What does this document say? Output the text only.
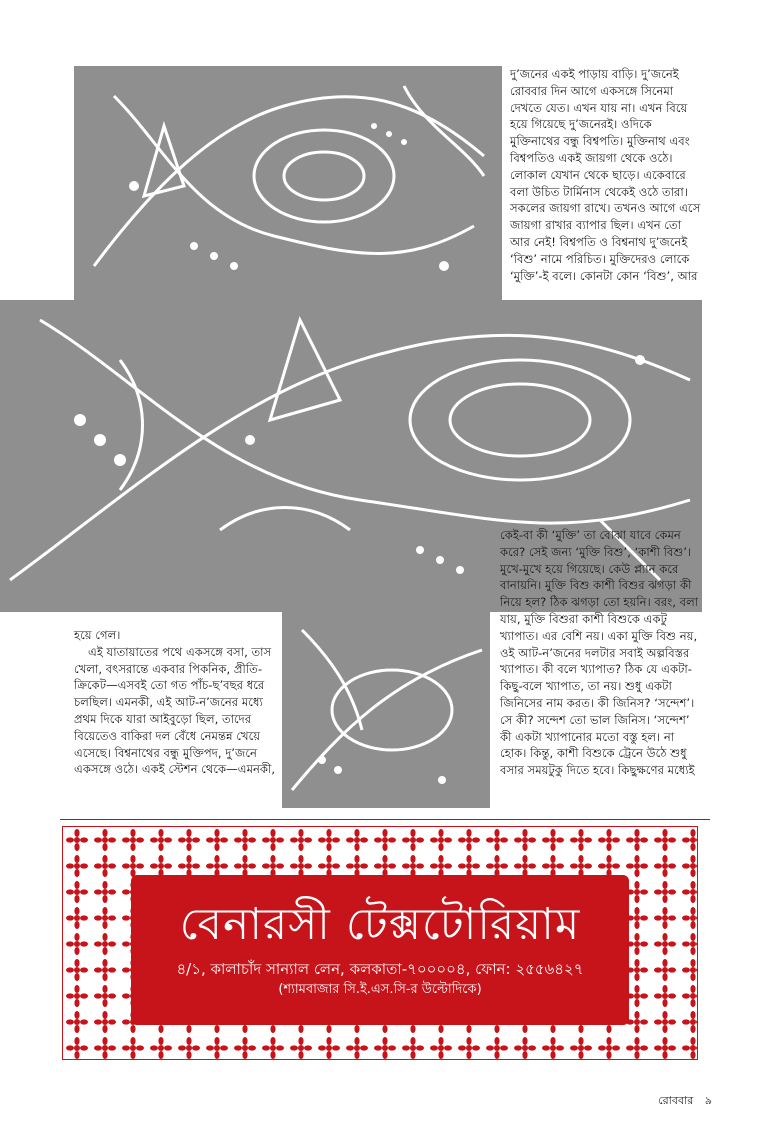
দু’জনের একই পাড়ায় বাড়ি। দু’জনেই রোববার দিন আগে একসঙ্গে সিনেমা দেখতে যেত। এখন যায় না। এখন বিয়ে হয়ে গিয়েছে দু’জনেরই। ওদিকে মুক্তিনাথের বন্ধু বিশ্বপতি। মুক্তিনাথ এবং বিশ্বপতিও একই জায়গা থেকে ওঠে। লোকাল যেখান থেকে ছাড়ে। একেবারে বলা উচিত টার্মিনাস থেকেই ওঠে তারা। সকলের জায়গা রাখে। তখনও আগে এসে জায়গা রাখার ব্যাপার ছিল। এখন তো আর নেই! বিশ্বপতি ও বিশ্বনাথ দু’জনেই ‘বিশু’ নামে পরিচিত। মুক্তিদেরও লোকে ‘মুক্তি’-ই বলে। কোনটা কোন ‘বিশু’, আর

কেই-বা কী ‘মুক্তি’ তা বোঝা যাবে কেমন করে? সেই জন্য ‘মুক্তি বিশু’, ‘কাশী বিশু’। মুখে-মুখে হয়ে গিয়েছে। কেউ প্ল্যান করে বানায়নি। মুক্তি বিশু কাশী বিশুর ঝগড়া কী নিয়ে হল? ঠিক ঝগড়া তো হয়নি। বরং, বলা যায়, মুক্তি বিশুরা কাশী বিশুকে একটু খ্যাপাত। এর বেশি নয়। একা মুক্তি বিশু নয়, ওই আট-ন’জনের দলটার সবাই অল্পবিস্তর খ্যাপাত। কী বলে খ্যাপাত? ঠিক যে একটা-কিছু-বলে খ্যাপাত, তা নয়। শুধু একটা জিনিসের নাম করত। কী জিনিস? ‘সন্দেশ’। সে কী? সন্দেশ তো ভাল জিনিস। ‘সন্দেশ’ কী একটা খ্যাপানোর মতো বস্তু হল। না হোক। কিন্তু, কাশী বিশুকে ট্রেনে উঠে শুধু বসার সময়টুকু দিতে হবে। কিছুক্ষণের মধ্যেই

হয়ে গেল।

এই যাতায়াতের পথে একসঙ্গে বসা, তাস খেলা, বৎসরান্তে একবার পিকনিক, প্রীতি-ক্রিকেট—এসবই তো গত পাঁচ-ছ’বছর ধরে চলছিল। এমনকী, এই আট-ন’জনের মধ্যে প্রথম দিকে যারা আইবুড়ো ছিল, তাদের বিয়েতেও বাকিরা দল বেঁধে নেমন্তন্ন খেয়ে এসেছে। বিশ্বনাথের বন্ধু মুক্তিপদ, দু’জনে একসঙ্গে ওঠে। একই স্টেশন থেকে—এমনকী,

বেনারসী টেক্সটোরিয়াম
৪/১, কালাচাঁদ সান্যাল লেন, কলকাতা-৭০০০০৪, ফোন: ২৫৫৬৪২৭
(শ্যামবাজার সি.ই.এস.সি-র উল্টোদিকে)
রোববার ৯
